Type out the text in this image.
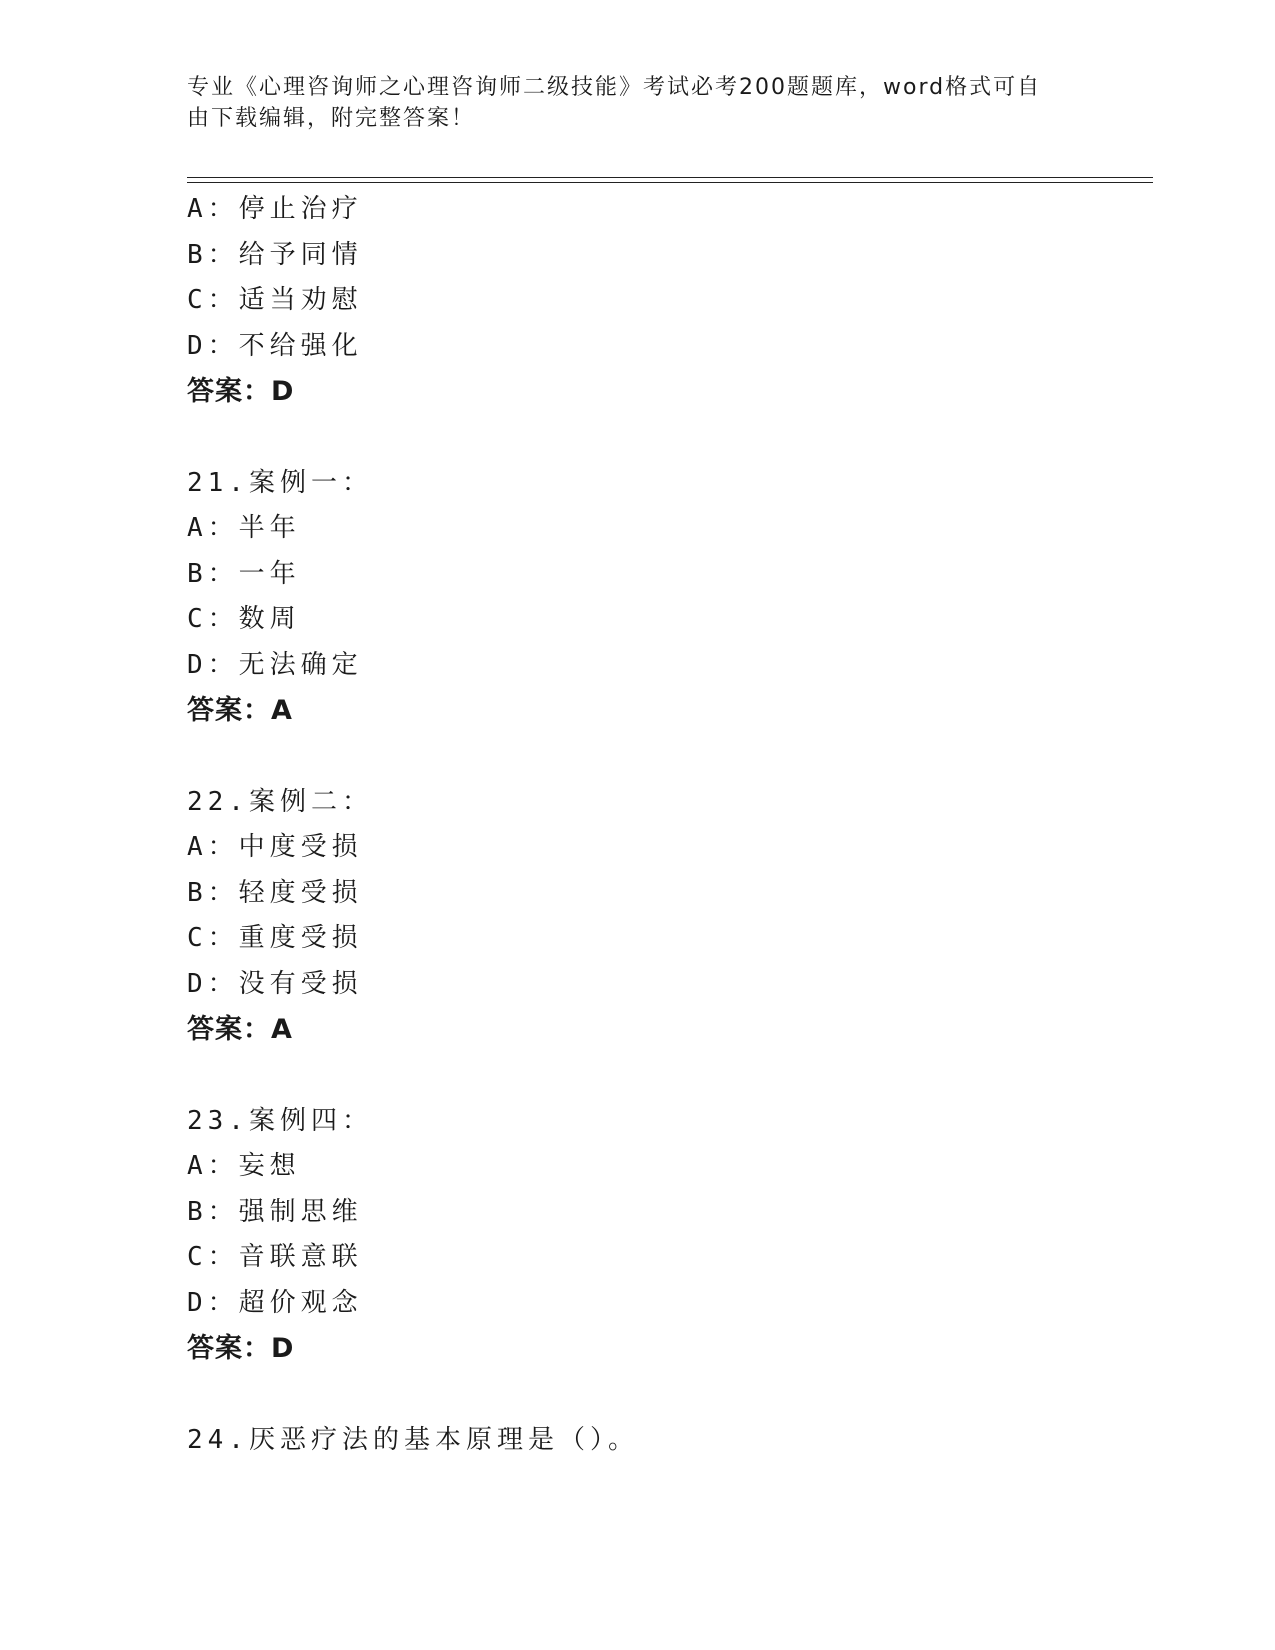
专业《心理咨询师之心理咨询师二级技能》考试必考200题题库，word格式可自
由下载编辑，附完整答案！
A：停止治疗
B：给予同情
C：适当劝慰
D：不给强化
答案：D
21.案例一：
A：半年
B：一年
C：数周
D：无法确定
答案：A
22.案例二：
A：中度受损
B：轻度受损
C：重度受损
D：没有受损
答案：A
23.案例四：
A：妄想
B：强制思维
C：音联意联
D：超价观念
答案：D
24.厌恶疗法的基本原理是（）。
